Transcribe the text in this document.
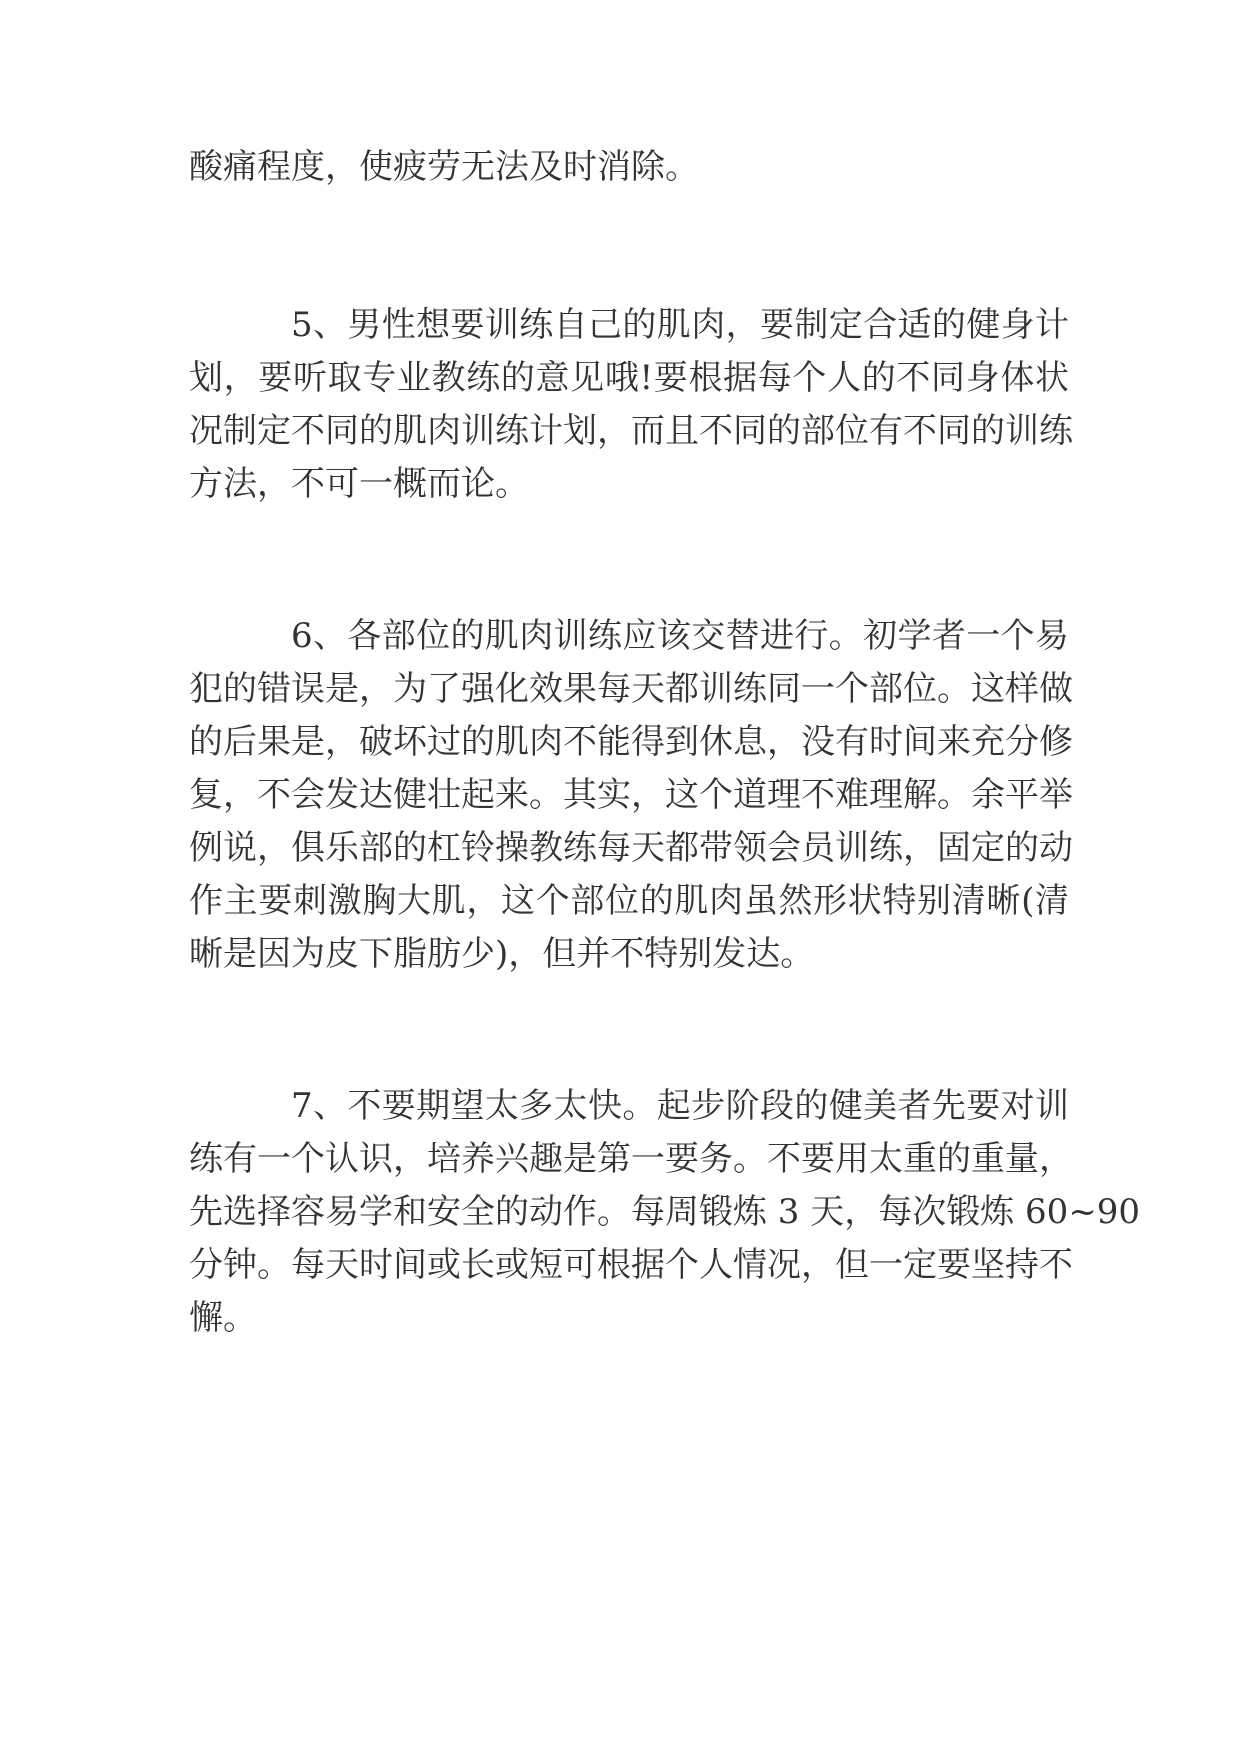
酸痛程度，使疲劳无法及时消除。
5、男性想要训练自己的肌肉，要制定合适的健身计
划，要听取专业教练的意见哦!要根据每个人的不同身体状
况制定不同的肌肉训练计划，而且不同的部位有不同的训练
方法，不可一概而论。
6、各部位的肌肉训练应该交替进行。初学者一个易
犯的错误是，为了强化效果每天都训练同一个部位。这样做
的后果是，破坏过的肌肉不能得到休息，没有时间来充分修
复，不会发达健壮起来。其实，这个道理不难理解。余平举
例说，俱乐部的杠铃操教练每天都带领会员训练，固定的动
作主要刺激胸大肌，这个部位的肌肉虽然形状特别清晰(清
晰是因为皮下脂肪少)，但并不特别发达。
7、不要期望太多太快。起步阶段的健美者先要对训
练有一个认识，培养兴趣是第一要务。不要用太重的重量，
先选择容易学和安全的动作。每周锻炼 3 天，每次锻炼 60~90
分钟。每天时间或长或短可根据个人情况，但一定要坚持不
懈。
